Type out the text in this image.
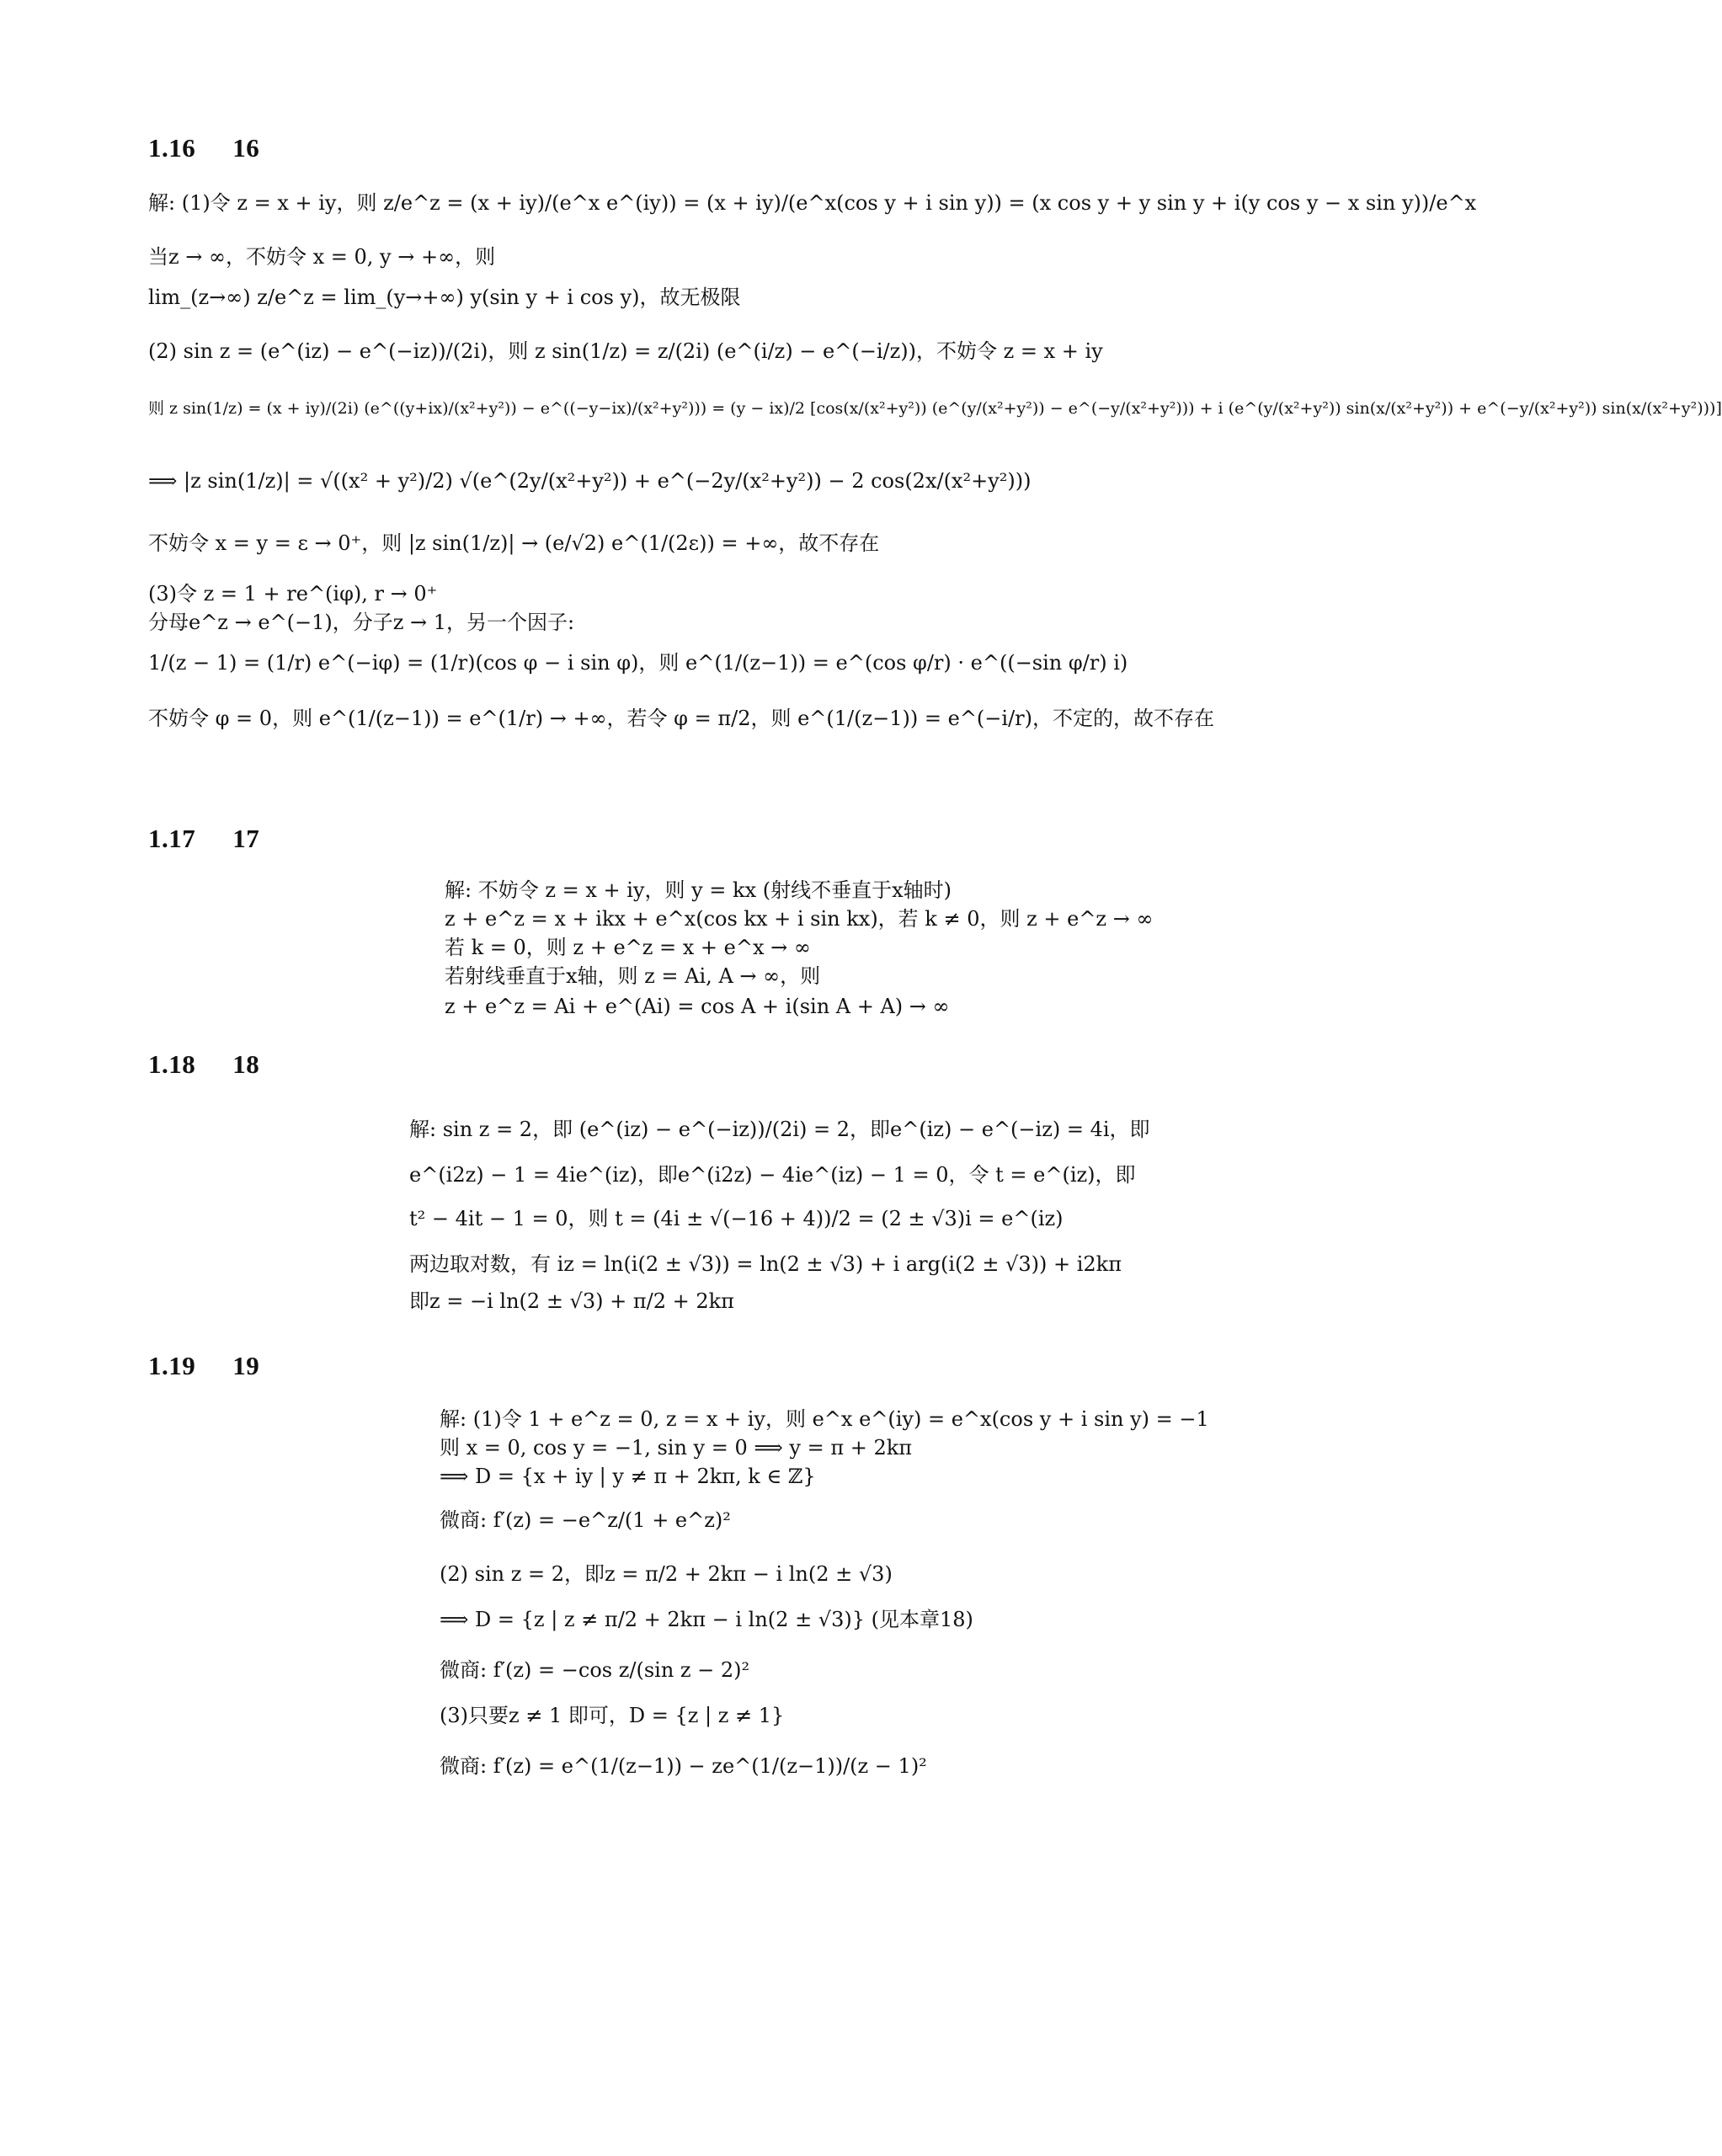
1.16 16
解: (1)令 z = x + iy，则 z/e^z = (x + iy)/(e^x e^(iy)) = (x + iy)/(e^x(cos y + i sin y)) = (x cos y + y sin y + i(y cos y − x sin y))/e^x
当z → ∞，不妨令 x = 0, y → +∞，则
lim_(z→∞) z/e^z = lim_(y→+∞) y(sin y + i cos y)，故无极限
(2) sin z = (e^(iz) − e^(−iz))/(2i)，则 z sin(1/z) = z/(2i) (e^(i/z) − e^(−i/z))，不妨令 z = x + iy
则 z sin(1/z) = (x + iy)/(2i) (e^((y+ix)/(x²+y²)) − e^((−y−ix)/(x²+y²))) = (y − ix)/2 [cos(x/(x²+y²)) (e^(y/(x²+y²)) − e^(−y/(x²+y²))) + i (e^(y/(x²+y²)) sin(x/(x²+y²)) + e^(−y/(x²+y²)) sin(x/(x²+y²)))]
⟹ |z sin(1/z)| = √((x² + y²)/2) √(e^(2y/(x²+y²)) + e^(−2y/(x²+y²)) − 2 cos(2x/(x²+y²)))
不妨令 x = y = ε → 0⁺，则 |z sin(1/z)| → (e/√2) e^(1/(2ε)) = +∞，故不存在
(3)令 z = 1 + re^(iφ), r → 0⁺
分母e^z → e^(−1)，分子z → 1，另一个因子:
1/(z − 1) = (1/r) e^(−iφ) = (1/r)(cos φ − i sin φ)，则 e^(1/(z−1)) = e^(cos φ/r) · e^((−sin φ/r) i)
不妨令 φ = 0，则 e^(1/(z−1)) = e^(1/r) → +∞，若令 φ = π/2，则 e^(1/(z−1)) = e^(−i/r)，不定的，故不存在
1.17 17
解: 不妨令 z = x + iy，则 y = kx (射线不垂直于x轴时)
z + e^z = x + ikx + e^x(cos kx + i sin kx)，若 k ≠ 0，则 z + e^z → ∞
若 k = 0，则 z + e^z = x + e^x → ∞
若射线垂直于x轴，则 z = Ai, A → ∞，则
z + e^z = Ai + e^(Ai) = cos A + i(sin A + A) → ∞
1.18 18
解: sin z = 2，即 (e^(iz) − e^(−iz))/(2i) = 2，即e^(iz) − e^(−iz) = 4i，即
e^(i2z) − 1 = 4ie^(iz)，即e^(i2z) − 4ie^(iz) − 1 = 0，令 t = e^(iz)，即
t² − 4it − 1 = 0，则 t = (4i ± √(−16 + 4))/2 = (2 ± √3)i = e^(iz)
两边取对数，有 iz = ln(i(2 ± √3)) = ln(2 ± √3) + i arg(i(2 ± √3)) + i2kπ
即z = −i ln(2 ± √3) + π/2 + 2kπ
1.19 19
解: (1)令 1 + e^z = 0, z = x + iy，则 e^x e^(iy) = e^x(cos y + i sin y) = −1
则 x = 0, cos y = −1, sin y = 0 ⟹ y = π + 2kπ
⟹ D = {x + iy | y ≠ π + 2kπ, k ∈ ℤ}
微商: f′(z) = −e^z/(1 + e^z)²
(2) sin z = 2，即z = π/2 + 2kπ − i ln(2 ± √3)
⟹ D = {z | z ≠ π/2 + 2kπ − i ln(2 ± √3)} (见本章18)
微商: f′(z) = −cos z/(sin z − 2)²
(3)只要z ≠ 1 即可，D = {z | z ≠ 1}
微商: f′(z) = e^(1/(z−1)) − ze^(1/(z−1))/(z − 1)²
